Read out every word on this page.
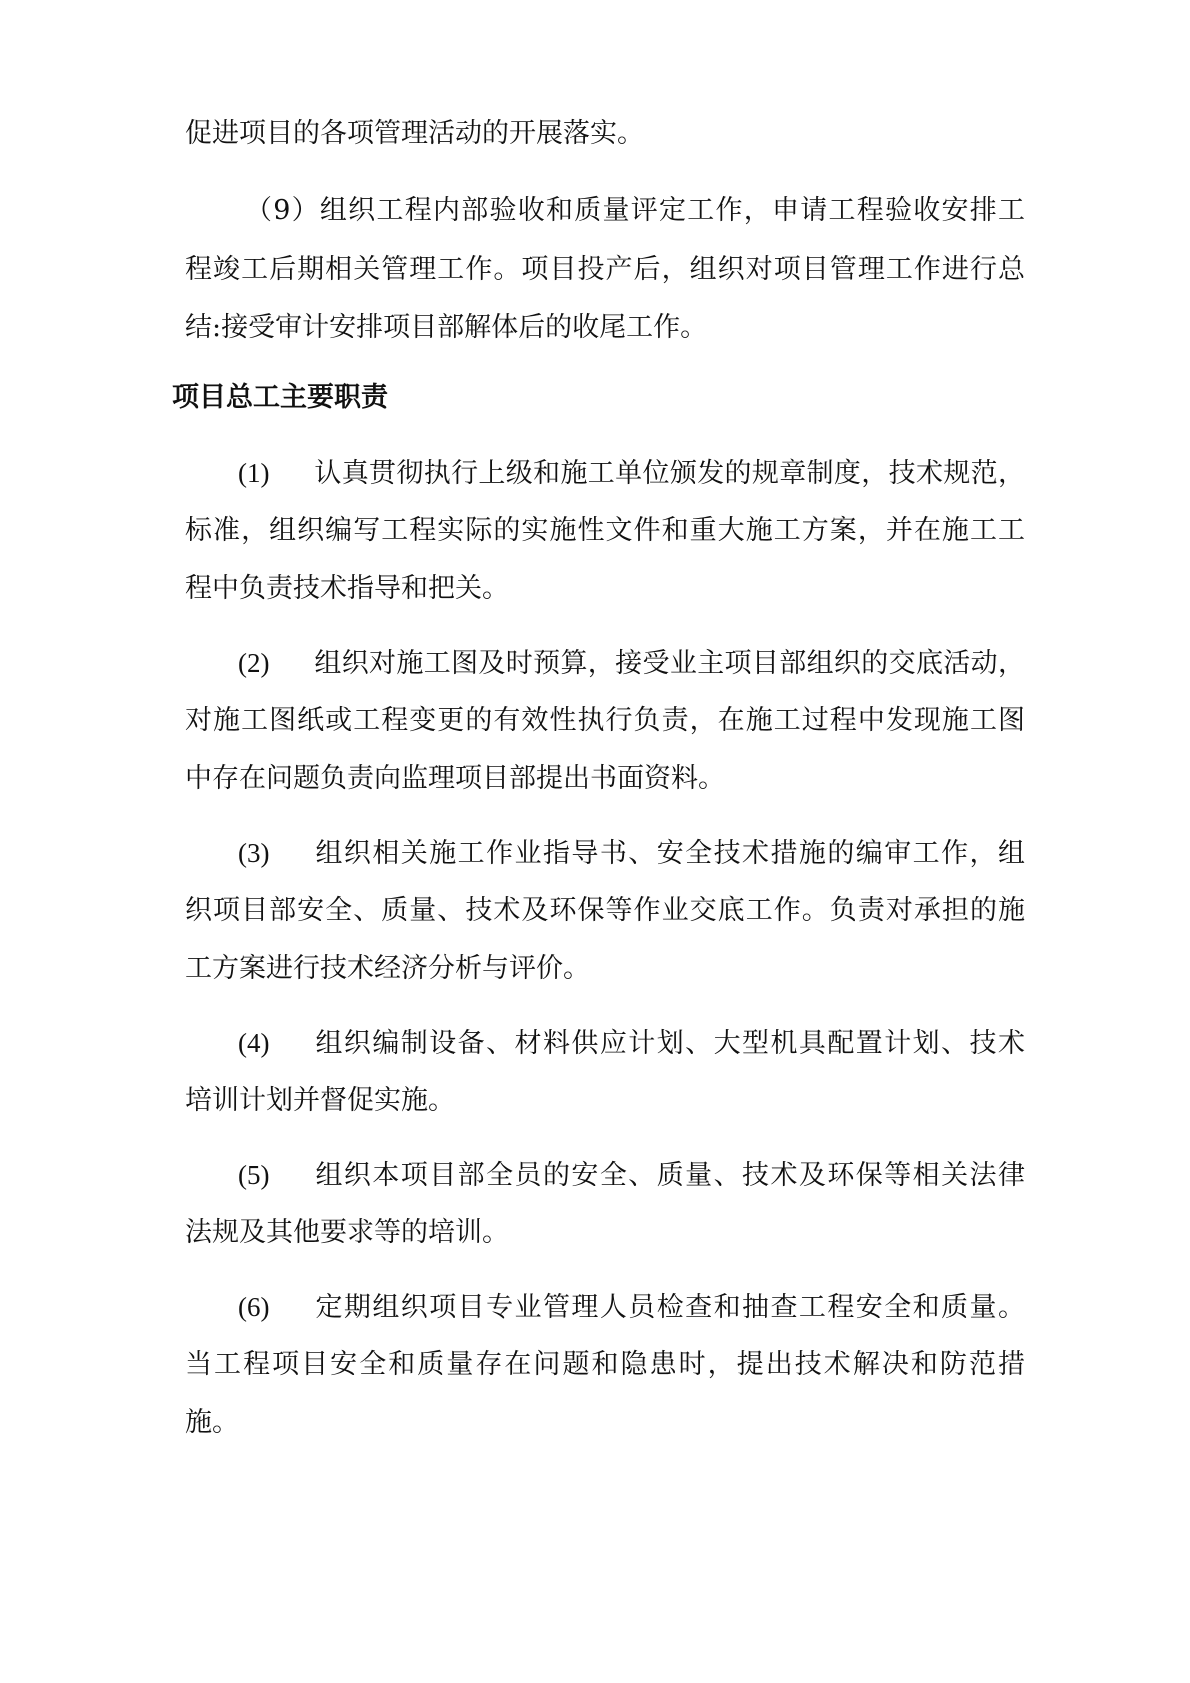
促进项目的各项管理活动的开展落实。
（9）组织工程内部验收和质量评定工作，申请工程验收安排工
程竣工后期相关管理工作。项目投产后，组织对项目管理工作进行总
结:接受审计安排项目部解体后的收尾工作。
项目总工主要职责
(1) 认真贯彻执行上级和施工单位颁发的规章制度，技术规范，
标准，组织编写工程实际的实施性文件和重大施工方案，并在施工工
程中负责技术指导和把关。
(2) 组织对施工图及时预算，接受业主项目部组织的交底活动，
对施工图纸或工程变更的有效性执行负责，在施工过程中发现施工图
中存在问题负责向监理项目部提出书面资料。
(3) 组织相关施工作业指导书、安全技术措施的编审工作，组
织项目部安全、质量、技术及环保等作业交底工作。负责对承担的施
工方案进行技术经济分析与评价。
(4) 组织编制设备、材料供应计划、大型机具配置计划、技术
培训计划并督促实施。
(5) 组织本项目部全员的安全、质量、技术及环保等相关法律
法规及其他要求等的培训。
(6) 定期组织项目专业管理人员检查和抽查工程安全和质量。
当工程项目安全和质量存在问题和隐患时，提出技术解决和防范措
施。
